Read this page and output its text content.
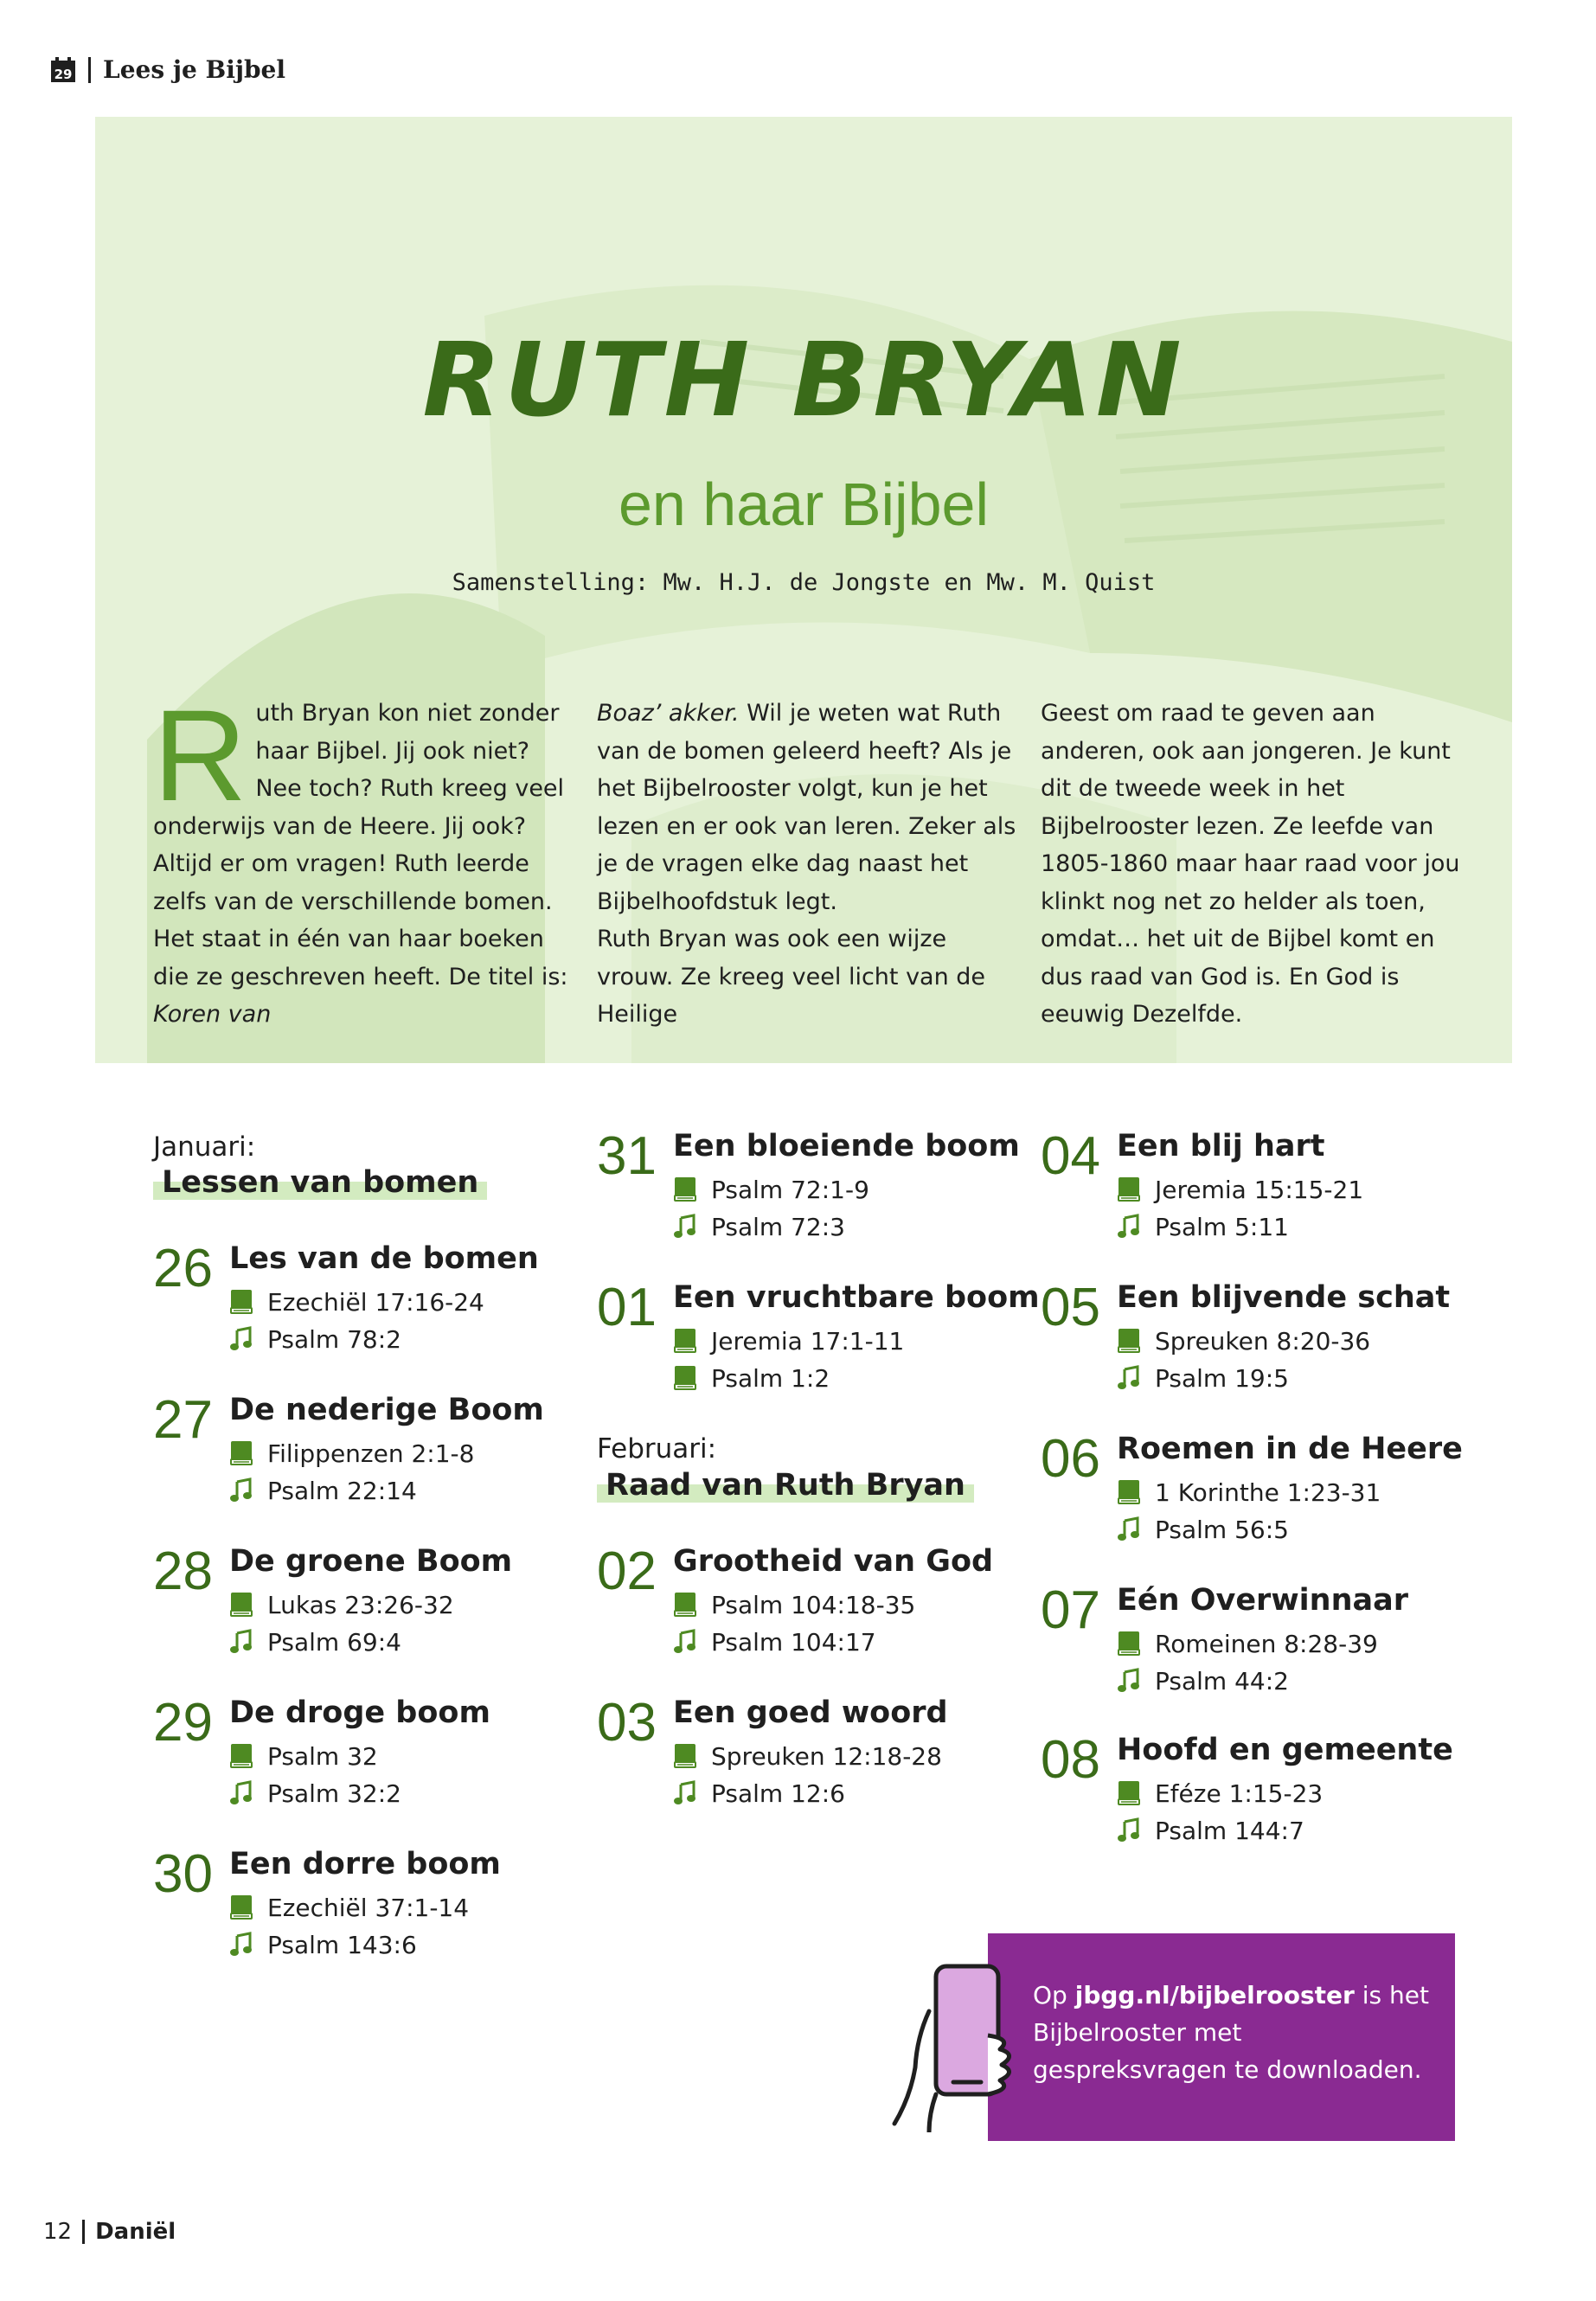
29 Lees je Bijbel
RUTH BRYAN
en haar Bijbel
Samenstelling: Mw. H.J. de Jongste en Mw. M. Quist
Ruth Bryan kon niet zonder haar Bijbel. Jij ook niet? Nee toch? Ruth kreeg veel onderwijs van de Heere. Jij ook? Altijd er om vragen! Ruth leerde zelfs van de verschillende bomen. Het staat in één van haar boeken die ze geschreven heeft. De titel is: Koren van
Boaz’ akker. Wil je weten wat Ruth van de bomen geleerd heeft? Als je het Bijbelrooster volgt, kun je het lezen en er ook van leren. Zeker als je de vragen elke dag naast het Bijbelhoofdstuk legt.
Ruth Bryan was ook een wijze vrouw. Ze kreeg veel licht van de Heilige
Geest om raad te geven aan anderen, ook aan jongeren. Je kunt dit de tweede week in het Bijbelrooster lezen. Ze leefde van 1805-1860 maar haar raad voor jou klinkt nog net zo helder als toen, omdat… het uit de Bijbel komt en dus raad van God is. En God is eeuwig Dezelfde.
Januari:
Lessen van bomen
Februari:
Raad van Ruth Bryan
26 Les van de bomen
Ezechiël 17:16-24
Psalm 78:2
27 De nederige Boom
Filippenzen 2:1-8
Psalm 22:14
28 De groene Boom
Lukas 23:26-32
Psalm 69:4
29 De droge boom
Psalm 32
Psalm 32:2
30 Een dorre boom
Ezechiël 37:1-14
Psalm 143:6
31 Een bloeiende boom
Psalm 72:1-9
Psalm 72:3
01 Een vruchtbare boom
Jeremia 17:1-11
Psalm 1:2
02 Grootheid van God
Psalm 104:18-35
Psalm 104:17
03 Een goed woord
Spreuken 12:18-28
Psalm 12:6
04 Een blij hart
Jeremia 15:15-21
Psalm 5:11
05 Een blijvende schat
Spreuken 8:20-36
Psalm 19:5
06 Roemen in de Heere
1 Korinthe 1:23-31
Psalm 56:5
07 Eén Overwinnaar
Romeinen 8:28-39
Psalm 44:2
08 Hoofd en gemeente
Eféze 1:15-23
Psalm 144:7
Op jbgg.nl/bijbelrooster is het Bijbelrooster met gespreksvragen te downloaden.
12 Daniël
